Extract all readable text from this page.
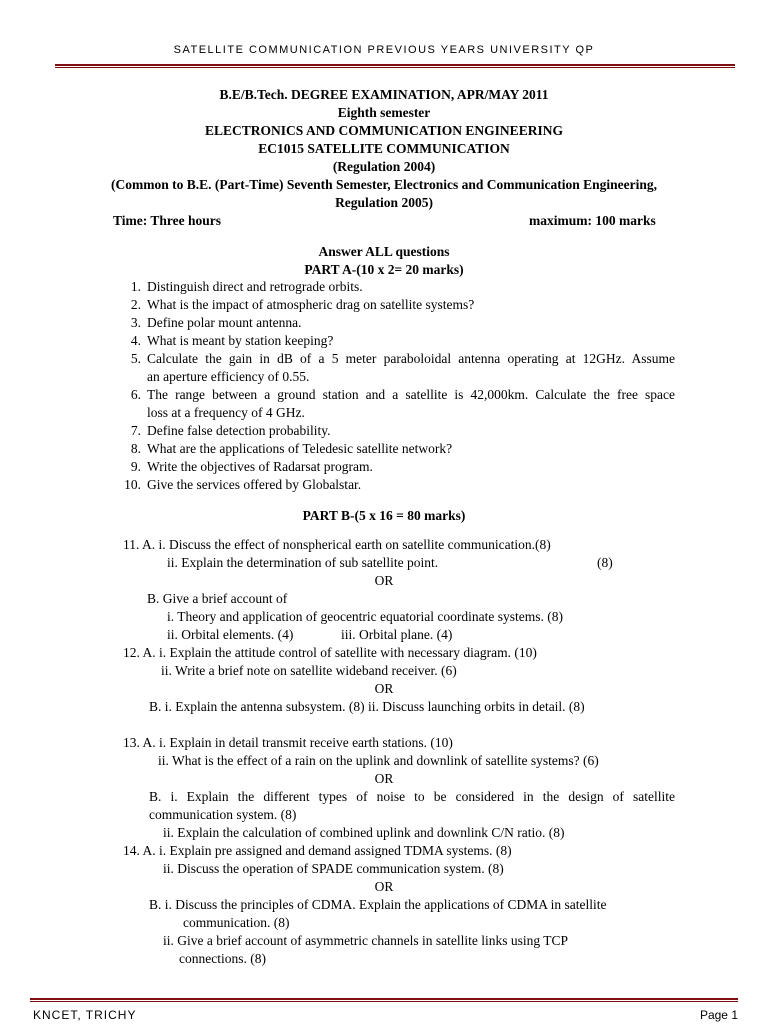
SATELLITE COMMUNICATION PREVIOUS YEARS UNIVERSITY QP
B.E/B.Tech. DEGREE EXAMINATION, APR/MAY 2011
Eighth semester
ELECTRONICS AND COMMUNICATION ENGINEERING
EC1015 SATELLITE COMMUNICATION
(Regulation 2004)
(Common to B.E. (Part-Time) Seventh Semester, Electronics and Communication Engineering,
Regulation 2005)
Time: Three hours	maximum: 100 marks
Answer ALL questions
PART A-(10 x 2= 20 marks)
1. Distinguish direct and retrograde orbits.
2. What is the impact of atmospheric drag on satellite systems?
3. Define polar mount antenna.
4. What is meant by station keeping?
5. Calculate the gain in dB of a 5 meter paraboloidal antenna operating at 12GHz. Assume
an aperture efficiency of 0.55.
6. The range between a ground station and a satellite is 42,000km. Calculate the free space
loss at a frequency of 4 GHz.
7. Define false detection probability.
8. What are the applications of Teledesic satellite network?
9. Write the objectives of Radarsat program.
10. Give the services offered by Globalstar.
PART B-(5 x 16 = 80 marks)
11. A. i. Discuss the effect of nonspherical earth on satellite communication.(8)
ii. Explain the determination of sub satellite point.	(8)
OR
B. Give a brief account of
i. Theory and application of geocentric equatorial coordinate systems. (8)
ii. Orbital elements. (4)	iii. Orbital plane. (4)
12. A. i. Explain the attitude control of satellite with necessary diagram. (10)
ii. Write a brief note on satellite wideband receiver. (6)
OR
B. i. Explain the antenna subsystem. (8) ii. Discuss launching orbits in detail. (8)
13. A. i. Explain in detail transmit receive earth stations. (10)
ii. What is the effect of a rain on the uplink and downlink of satellite systems? (6)
OR
B. i. Explain the different types of noise to be considered in the design of satellite
communication system. (8)
ii. Explain the calculation of combined uplink and downlink C/N ratio. (8)
14. A. i. Explain pre assigned and demand assigned TDMA systems. (8)
ii. Discuss the operation of SPADE communication system. (8)
OR
B. i. Discuss the principles of CDMA. Explain the applications of CDMA in satellite
communication. (8)
ii. Give a brief account of asymmetric channels in satellite links using TCP
connections. (8)
KNCET, TRICHY	Page 1
